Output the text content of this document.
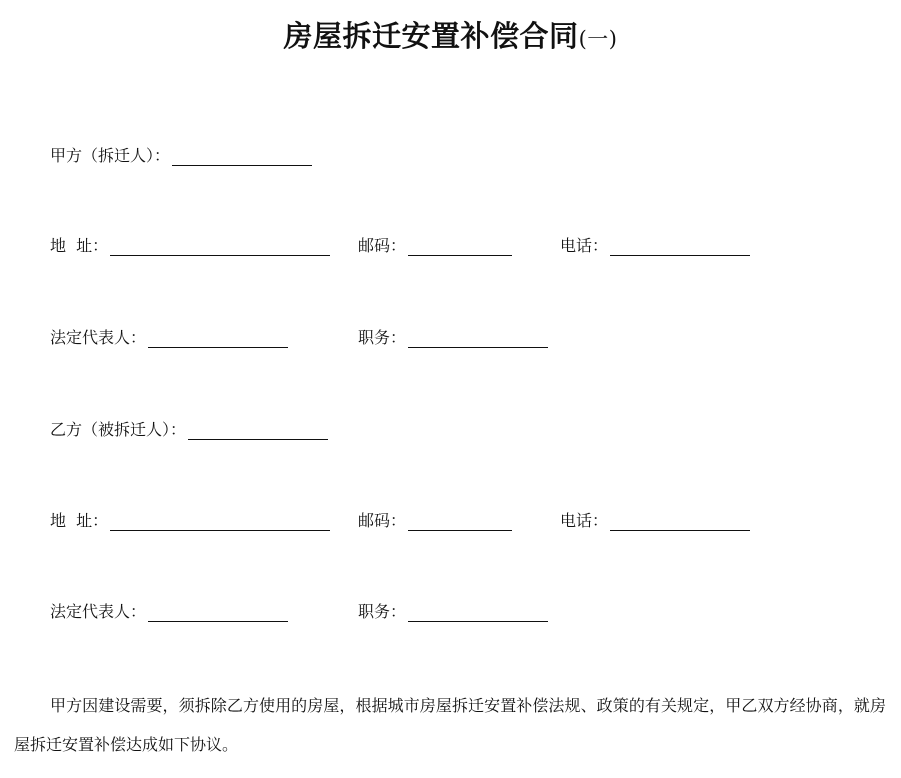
房屋拆迁安置补偿合同(一)
甲方（拆迁人）：
地  址：	邮码：	电话：
法定代表人：	职务：
乙方（被拆迁人）：
地  址：	邮码：	电话：
法定代表人：	职务：

甲方因建设需要，须拆除乙方使用的房屋，根据城市房屋拆迁安置补偿法规、政策的有关规定，甲乙双方经协商，就房屋拆迁安置补偿达成如下协议。
